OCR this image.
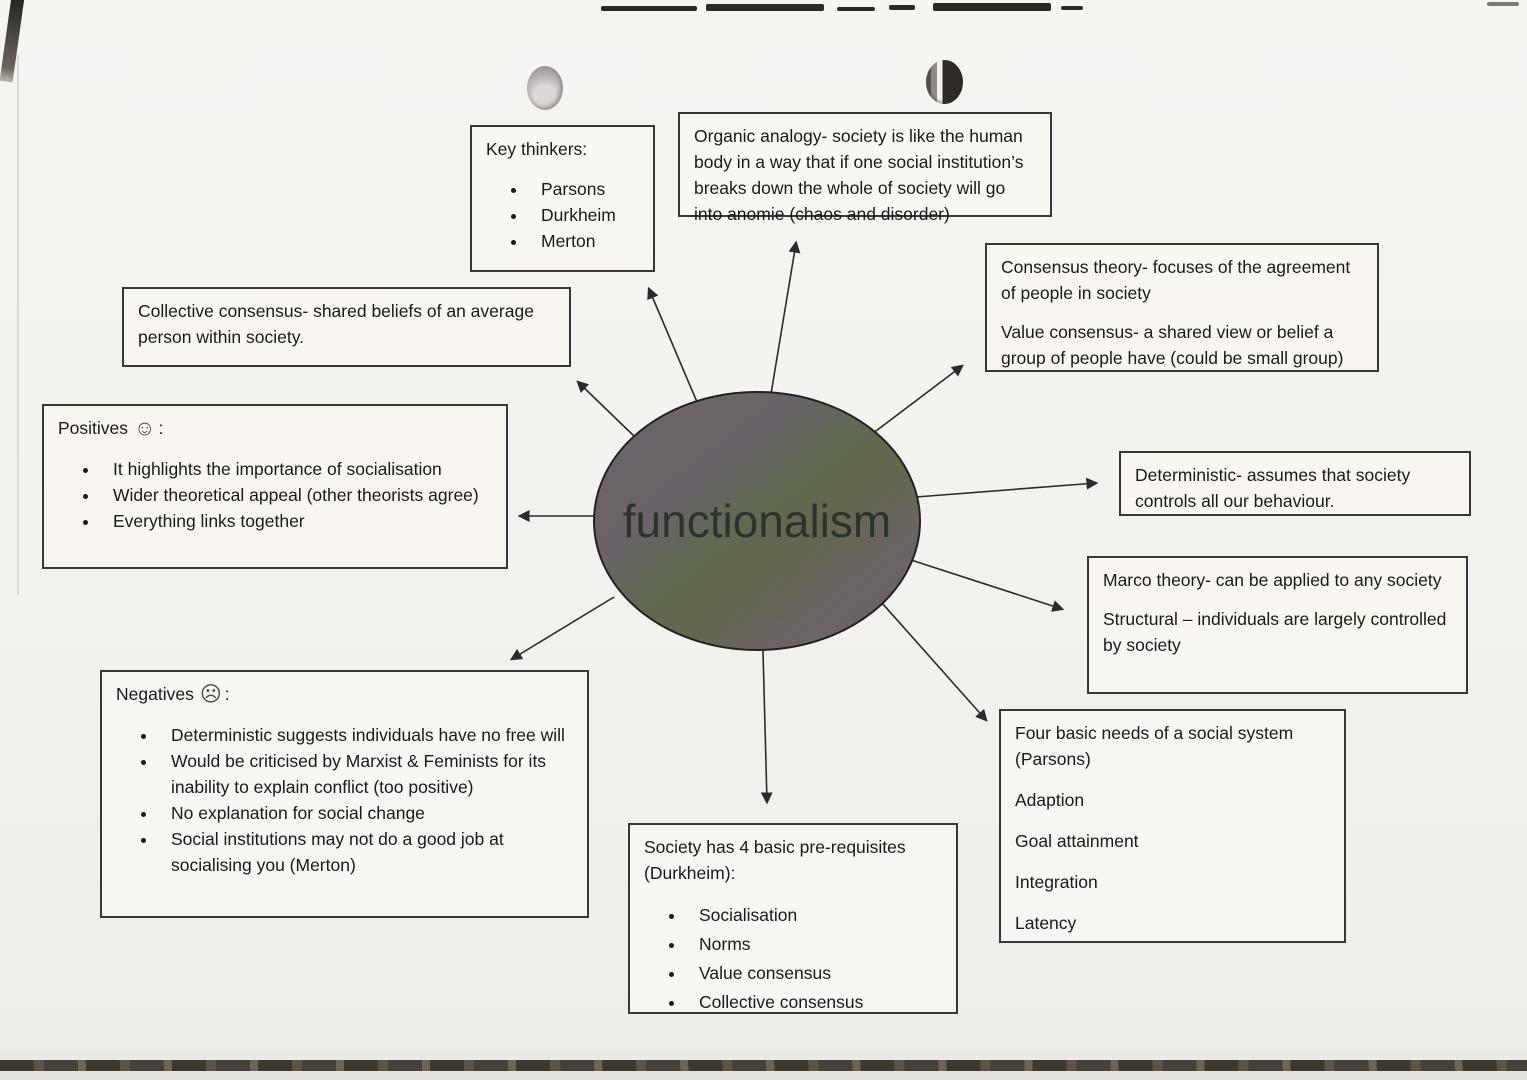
functionalism
Key thinkers:
• Parsons
• Durkheim
• Merton

Organic analogy- society is like the human body in a way that if one social institution’s breaks down the whole of society will go into anomie (chaos and disorder)

Consensus theory- focuses of the agreement of people in society

Value consensus- a shared view or belief a group of people have (could be small group)

Collective consensus- shared beliefs of an average person within society.

Positives ☺ :
• It highlights the importance of socialisation
• Wider theoretical appeal (other theorists agree)
• Everything links together

Deterministic- assumes that society controls all our behaviour.

Marco theory- can be applied to any society

Structural – individuals are largely controlled by society

Four basic needs of a social system (Parsons)

Adaption

Goal attainment

Integration

Latency

Negatives ☹ :
• Deterministic suggests individuals have no free will
• Would be criticised by Marxist & Feminists for its inability to explain conflict (too positive)
• No explanation for social change
• Social institutions may not do a good job at socialising you (Merton)
Society has 4 basic pre-requisites (Durkheim):
• Socialisation
• Norms
• Value consensus
• Collective consensus
